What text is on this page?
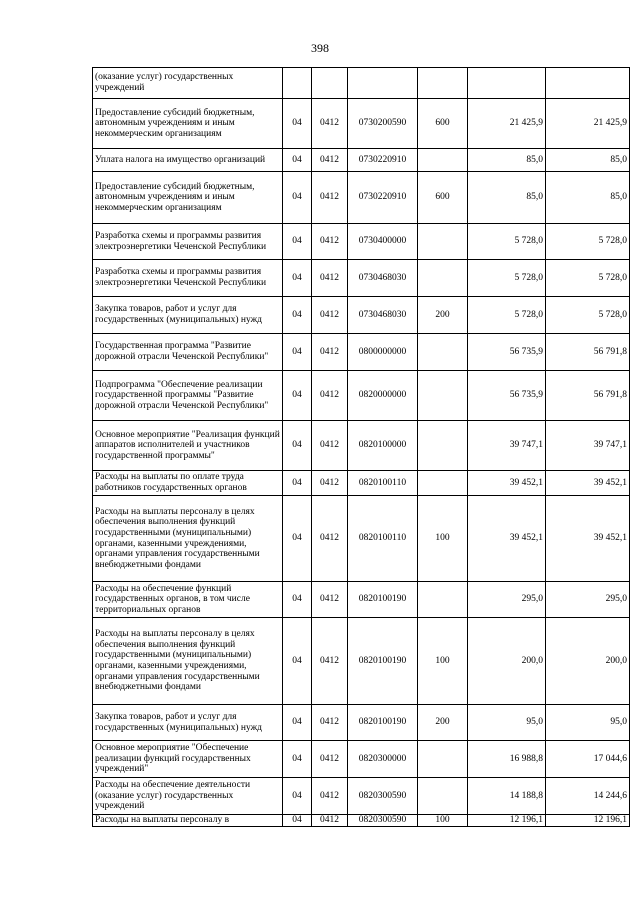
398
(оказание услуг) государственных учреждений						
Предоставление субсидий бюджетным, автономным учреждениям и иным некоммерческим организациям	04	0412	0730200590	600	21 425,9	21 425,9
Уплата налога на имущество организаций	04	0412	0730220910		85,0	85,0
Предоставление субсидий бюджетным, автономным учреждениям и иным некоммерческим организациям	04	0412	0730220910	600	85,0	85,0
Разработка схемы и программы развития электроэнергетики Чеченской Республики	04	0412	0730400000		5 728,0	5 728,0
Разработка схемы и программы развития электроэнергетики Чеченской Республики	04	0412	0730468030		5 728,0	5 728,0
Закупка товаров, работ и услуг для государственных (муниципальных) нужд	04	0412	0730468030	200	5 728,0	5 728,0
Государственная программа "Развитие дорожной отрасли Чеченской Республики"	04	0412	0800000000		56 735,9	56 791,8
Подпрограмма "Обеспечение реализации государственной программы "Развитие дорожной отрасли Чеченской Республики"	04	0412	0820000000		56 735,9	56 791,8
Основное мероприятие "Реализация функций аппаратов исполнителей и участников государственной программы"	04	0412	0820100000		39 747,1	39 747,1
Расходы на выплаты по оплате труда работников государственных органов	04	0412	0820100110		39 452,1	39 452,1
Расходы на выплаты персоналу в целях обеспечения выполнения функций государственными (муниципальными) органами, казенными учреждениями, органами управления государственными внебюджетными фондами	04	0412	0820100110	100	39 452,1	39 452,1
Расходы на обеспечение функций государственных органов, в том числе территориальных органов	04	0412	0820100190		295,0	295,0
Расходы на выплаты персоналу в целях обеспечения выполнения функций государственными (муниципальными) органами, казенными учреждениями, органами управления государственными внебюджетными фондами	04	0412	0820100190	100	200,0	200,0
Закупка товаров, работ и услуг для государственных (муниципальных) нужд	04	0412	0820100190	200	95,0	95,0
Основное мероприятие "Обеспечение реализации функций государственных учреждений"	04	0412	0820300000		16 988,8	17 044,6
Расходы на обеспечение деятельности (оказание услуг) государственных учреждений	04	0412	0820300590		14 188,8	14 244,6
Расходы на выплаты персоналу в	04	0412	0820300590	100	12 196,1	12 196,1
